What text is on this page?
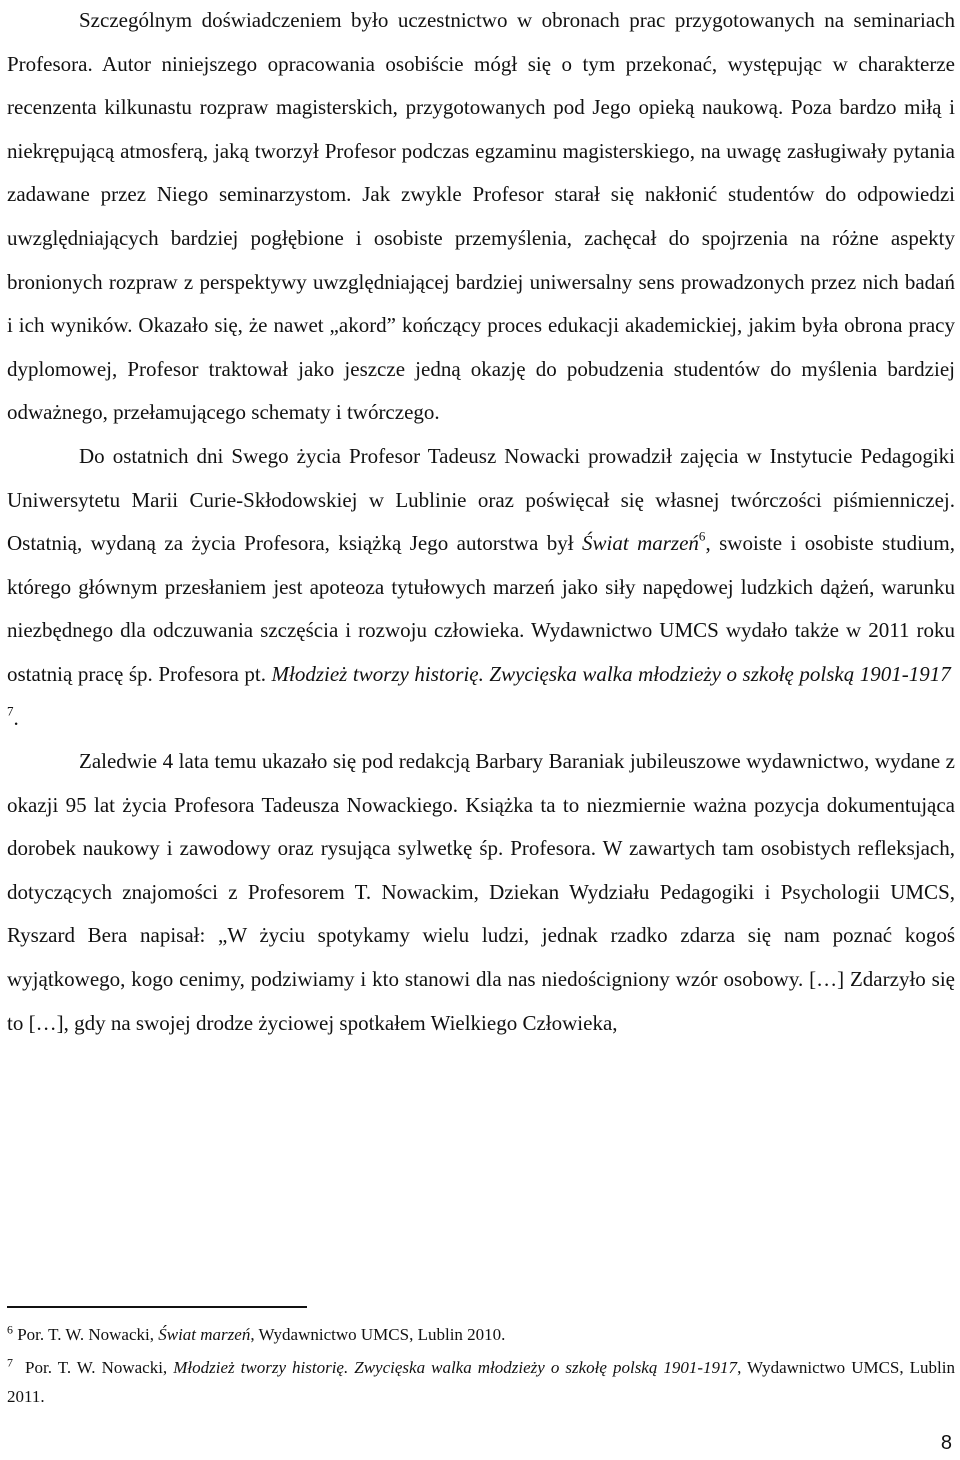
Szczególnym doświadczeniem było uczestnictwo w obronach prac przygotowanych na seminariach Profesora. Autor niniejszego opracowania osobiście mógł się o tym przekonać, występując w charakterze recenzenta kilkunastu rozpraw magisterskich, przygotowanych pod Jego opieką naukową. Poza bardzo miłą i niekrępującą atmosferą, jaką tworzył Profesor podczas egzaminu magisterskiego, na uwagę zasługiwały pytania zadawane przez Niego seminarzystom. Jak zwykle Profesor starał się nakłonić studentów do odpowiedzi uwzględniających bardziej pogłębione i osobiste przemyślenia, zachęcał do spojrzenia na różne aspekty bronionych rozpraw z perspektywy uwzględniającej bardziej uniwersalny sens prowadzonych przez nich badań i ich wyników. Okazało się, że nawet „akord” kończący proces edukacji akademickiej, jakim była obrona pracy dyplomowej, Profesor traktował jako jeszcze jedną okazję do pobudzenia studentów do myślenia bardziej odważnego, przełamującego schematy i twórczego.

Do ostatnich dni Swego życia Profesor Tadeusz Nowacki prowadził zajęcia w Instytucie Pedagogiki Uniwersytetu Marii Curie-Skłodowskiej w Lublinie oraz poświęcał się własnej twórczości piśmienniczej. Ostatnią, wydaną za życia Profesora, książką Jego autorstwa był Świat marzeń$^6$, swoiste i osobiste studium, którego głównym przesłaniem jest apoteoza tytułowych marzeń jako siły napędowej ludzkich dążeń, warunku niezbędnego dla odczuwania szczęścia i rozwoju człowieka. Wydawnictwo UMCS wydało także w 2011 roku ostatnią pracę śp. Profesora pt. Młodzież tworzy historię. Zwycięska walka młodzieży o szkołę polską 1901-1917 $^7$.

Zaledwie 4 lata temu ukazało się pod redakcją Barbary Baraniak jubileuszowe wydawnictwo, wydane z okazji 95 lat życia Profesora Tadeusza Nowackiego. Książka ta to niezmiernie ważna pozycja dokumentująca dorobek naukowy i zawodowy oraz rysująca sylwetkę śp. Profesora. W zawartych tam osobistych refleksjach, dotyczących znajomości z Profesorem T. Nowackim, Dziekan Wydziału Pedagogiki i Psychologii UMCS, Ryszard Bera napisał: „W życiu spotykamy wielu ludzi, jednak rzadko zdarza się nam poznać kogoś wyjątkowego, kogo cenimy, podziwiamy i kto stanowi dla nas niedościgniony wzór osobowy. […] Zdarzyło się to […], gdy na swojej drodze życiowej spotkałem Wielkiego Człowieka,

$^6$ Por. T. W. Nowacki, Świat marzeń, Wydawnictwo UMCS, Lublin 2010.

$^7$ Por. T. W. Nowacki, Młodzież tworzy historię. Zwycięska walka młodzieży o szkołę polską 1901-1917, Wydawnictwo UMCS, Lublin 2011.

8
